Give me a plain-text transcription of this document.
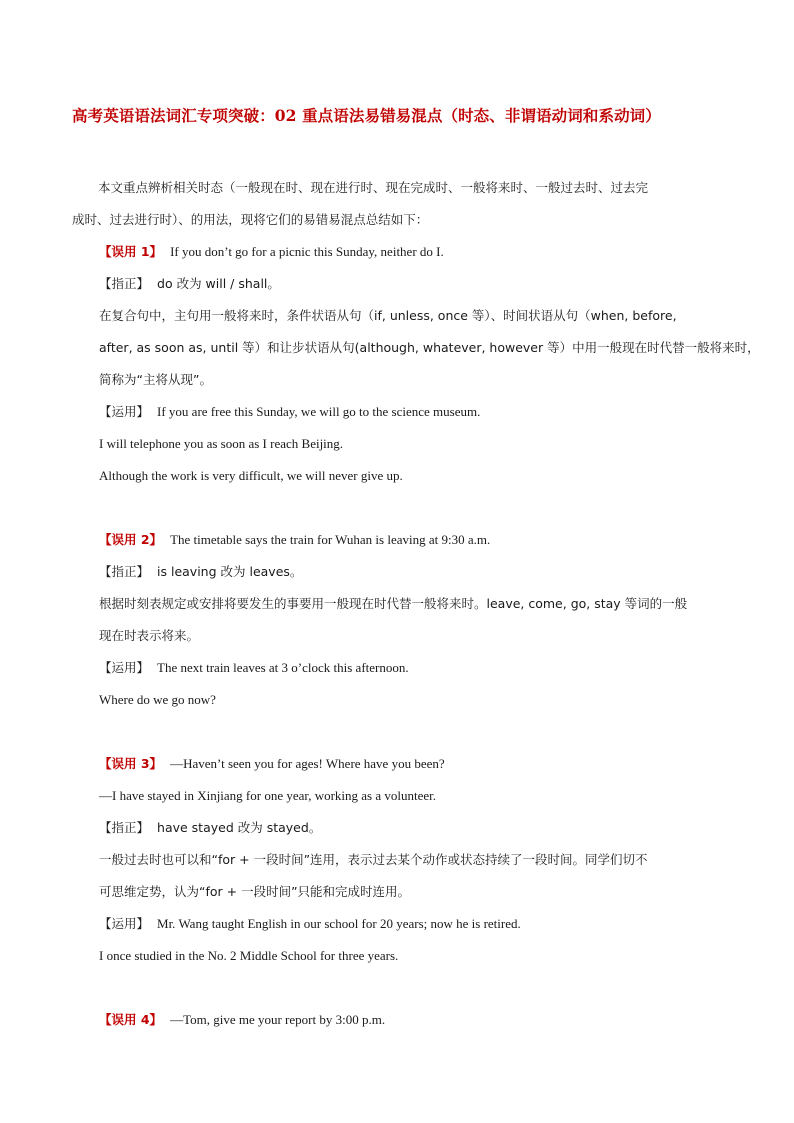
高考英语语法词汇专项突破：02 重点语法易错易混点（时态、非谓语动词和系动词）
本文重点辨析相关时态（一般现在时、现在进行时、现在完成时、一般将来时、一般过去时、过去完
成时、过去进行时）、的用法，现将它们的易错易混点总结如下：
【误用 1】 If you don’t go for a picnic this Sunday, neither do I.
【指正】 do 改为 will / shall。
在复合句中，主句用一般将来时，条件状语从句（if, unless, once 等）、时间状语从句（when, before,
after, as soon as, until 等）和让步状语从句(although, whatever, however 等）中用一般现在时代替一般将来时，
简称为“主将从现”。
【运用】 If you are free this Sunday, we will go to the science museum.
I will telephone you as soon as I reach Beijing.
Although the work is very difficult, we will never give up.
【误用 2】 The timetable says the train for Wuhan is leaving at 9:30 a.m.
【指正】 is leaving 改为 leaves。
根据时刻表规定或安排将要发生的事要用一般现在时代替一般将来时。leave, come, go, stay 等词的一般
现在时表示将来。
【运用】 The next train leaves at 3 o’clock this afternoon.
Where do we go now?
【误用 3】 —Haven’t seen you for ages! Where have you been?
—I have stayed in Xinjiang for one year, working as a volunteer.
【指正】 have stayed 改为 stayed。
一般过去时也可以和“for + 一段时间”连用，表示过去某个动作或状态持续了一段时间。同学们切不
可思维定势，认为“for + 一段时间”只能和完成时连用。
【运用】 Mr. Wang taught English in our school for 20 years; now he is retired.
I once studied in the No. 2 Middle School for three years.
【误用 4】 —Tom, give me your report by 3:00 p.m.
